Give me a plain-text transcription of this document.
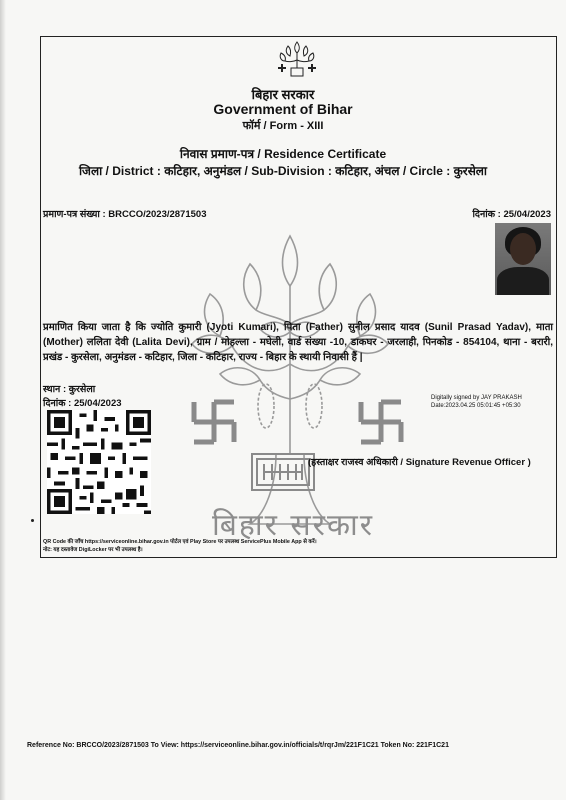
बिहार सरकार
Government of Bihar
फॉर्म / Form - XIII
निवास प्रमाण-पत्र / Residence Certificate
जिला / District : कटिहार, अनुमंडल / Sub-Division : कटिहार, अंचल / Circle : कुरसेला
प्रमाण-पत्र संख्या : BRCCO/2023/2871503	दिनांक : 25/04/2023
प्रमाणित किया जाता है कि ज्योति कुमारी (Jyoti Kumari), पिता (Father) सुनील प्रसाद यादव (Sunil Prasad Yadav), माता (Mother) ललिता देवी (Lalita Devi), ग्राम / मोहल्ला - मघेली, वार्ड संख्या -10, डाकघर - जरलाही, पिनकोड - 854104, थाना - बरारी, प्रखंड - कुरसेला, अनुमंडल - कटिहार, जिला - कटिहार, राज्य - बिहार के स्थायी निवासी हैं |
स्थान : कुरसेला
दिनांक : 25/04/2023	Digitally signed by JAY PRAKASH
Date:2023.04.25 05:01:45 +05:30
(हस्ताक्षर राजस्व अधिकारी / Signature Revenue Officer )
बिहार सरकार
QR Code की जाँच https://serviceonline.bihar.gov.in पोर्टल एवं Play Store पर उपलब्ध ServicePlus Mobile App से करें।
नोट: यह दस्तावेज DigiLocker पर भी उपलब्ध है।
Reference No: BRCCO/2023/2871503 To View: https://serviceonline.bihar.gov.in/officials/t/rqrJm/221F1C21 Token No: 221F1C21
